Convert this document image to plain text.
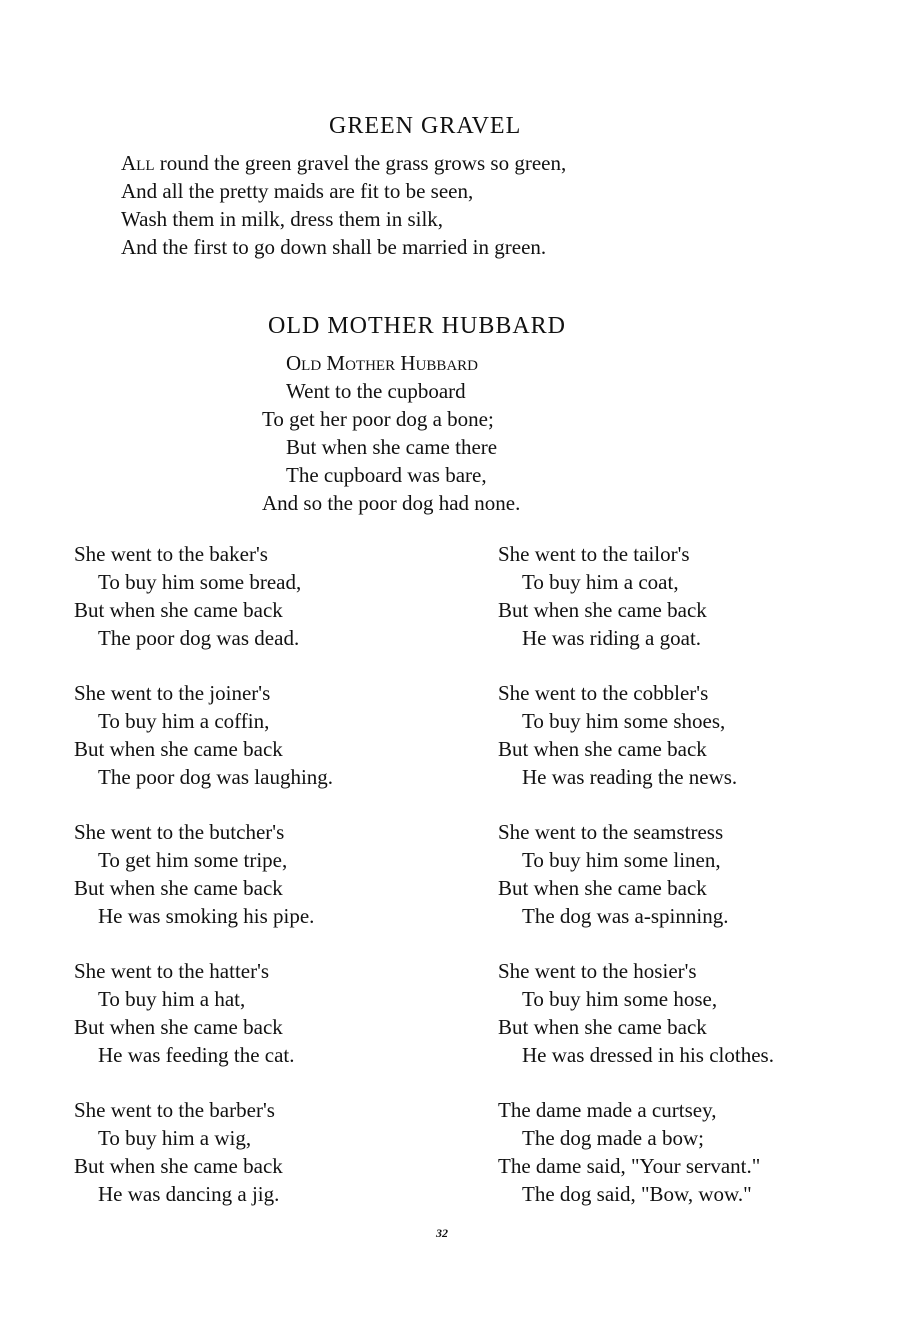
GREEN GRAVEL
All round the green gravel the grass grows so green,
And all the pretty maids are fit to be seen,
Wash them in milk, dress them in silk,
And the first to go down shall be married in green.
OLD MOTHER HUBBARD
Old Mother Hubbard
Went to the cupboard
To get her poor dog a bone;
But when she came there
The cupboard was bare,
And so the poor dog had none.
She went to the baker's
To buy him some bread,
But when she came back
The poor dog was dead.
She went to the joiner's
To buy him a coffin,
But when she came back
The poor dog was laughing.
She went to the butcher's
To get him some tripe,
But when she came back
He was smoking his pipe.
She went to the hatter's
To buy him a hat,
But when she came back
He was feeding the cat.
She went to the barber's
To buy him a wig,
But when she came back
He was dancing a jig.
She went to the tailor's
To buy him a coat,
But when she came back
He was riding a goat.
She went to the cobbler's
To buy him some shoes,
But when she came back
He was reading the news.
She went to the seamstress
To buy him some linen,
But when she came back
The dog was a-spinning.
She went to the hosier's
To buy him some hose,
But when she came back
He was dressed in his clothes.
The dame made a curtsey,
The dog made a bow;
The dame said, "Your servant."
The dog said, "Bow, wow."
32
